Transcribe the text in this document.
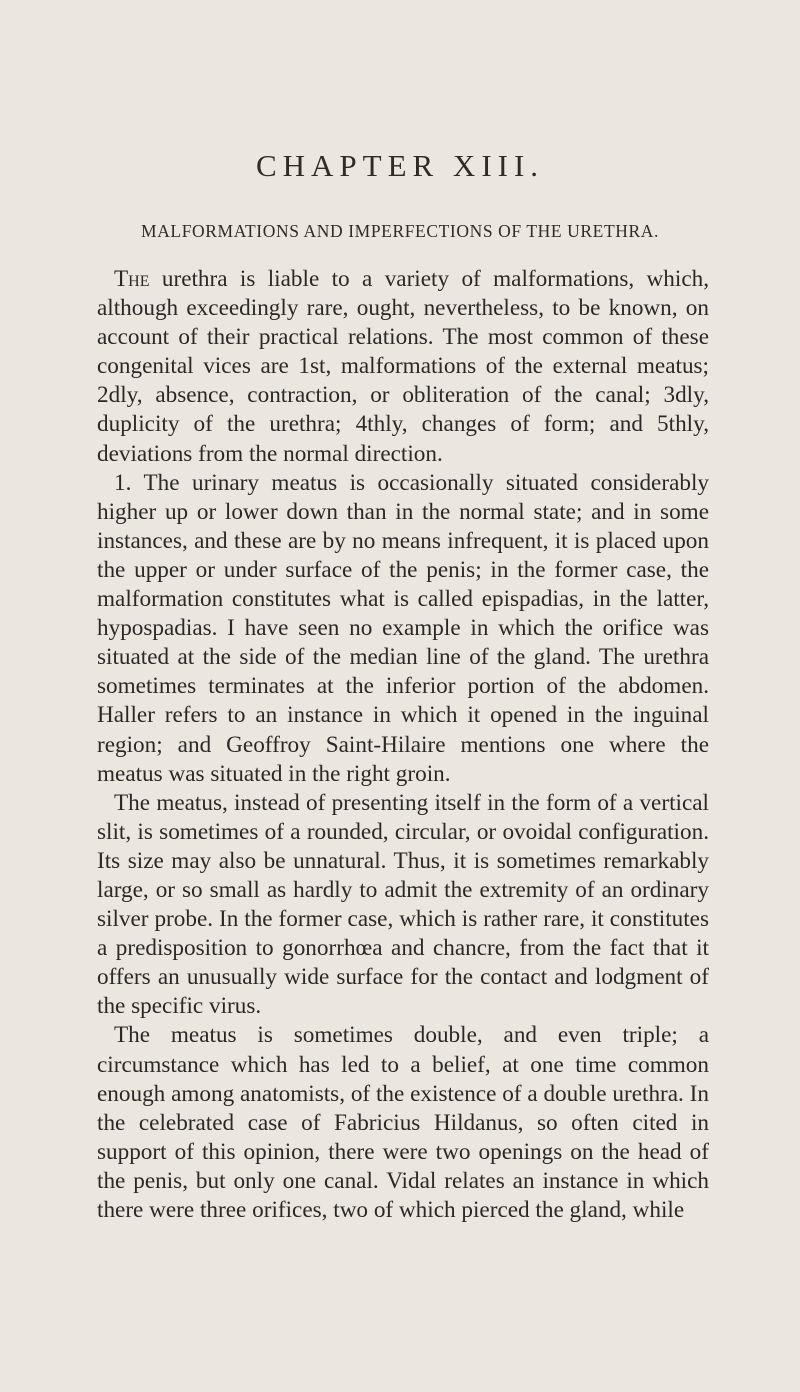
CHAPTER XIII.
MALFORMATIONS AND IMPERFECTIONS OF THE URETHRA.

The urethra is liable to a variety of malformations, which, although exceedingly rare, ought, nevertheless, to be known, on account of their practical relations. The most common of these congenital vices are 1st, malformations of the external meatus; 2dly, absence, contraction, or obliteration of the canal; 3dly, duplicity of the urethra; 4thly, changes of form; and 5thly, deviations from the normal direction.

1. The urinary meatus is occasionally situated considerably higher up or lower down than in the normal state; and in some instances, and these are by no means infrequent, it is placed upon the upper or under surface of the penis; in the former case, the malformation constitutes what is called epispadias, in the latter, hypospadias. I have seen no example in which the orifice was situated at the side of the median line of the gland. The urethra sometimes terminates at the inferior portion of the abdomen. Haller refers to an instance in which it opened in the inguinal region; and Geoffroy Saint-Hilaire mentions one where the meatus was situated in the right groin.

The meatus, instead of presenting itself in the form of a vertical slit, is sometimes of a rounded, circular, or ovoidal configuration. Its size may also be unnatural. Thus, it is sometimes remarkably large, or so small as hardly to admit the extremity of an ordinary silver probe. In the former case, which is rather rare, it constitutes a predisposition to gonorrhœa and chancre, from the fact that it offers an unusually wide surface for the contact and lodgment of the specific virus.

The meatus is sometimes double, and even triple; a circumstance which has led to a belief, at one time common enough among anatomists, of the existence of a double urethra. In the celebrated case of Fabricius Hildanus, so often cited in support of this opinion, there were two openings on the head of the penis, but only one canal. Vidal relates an instance in which there were three orifices, two of which pierced the gland, while
